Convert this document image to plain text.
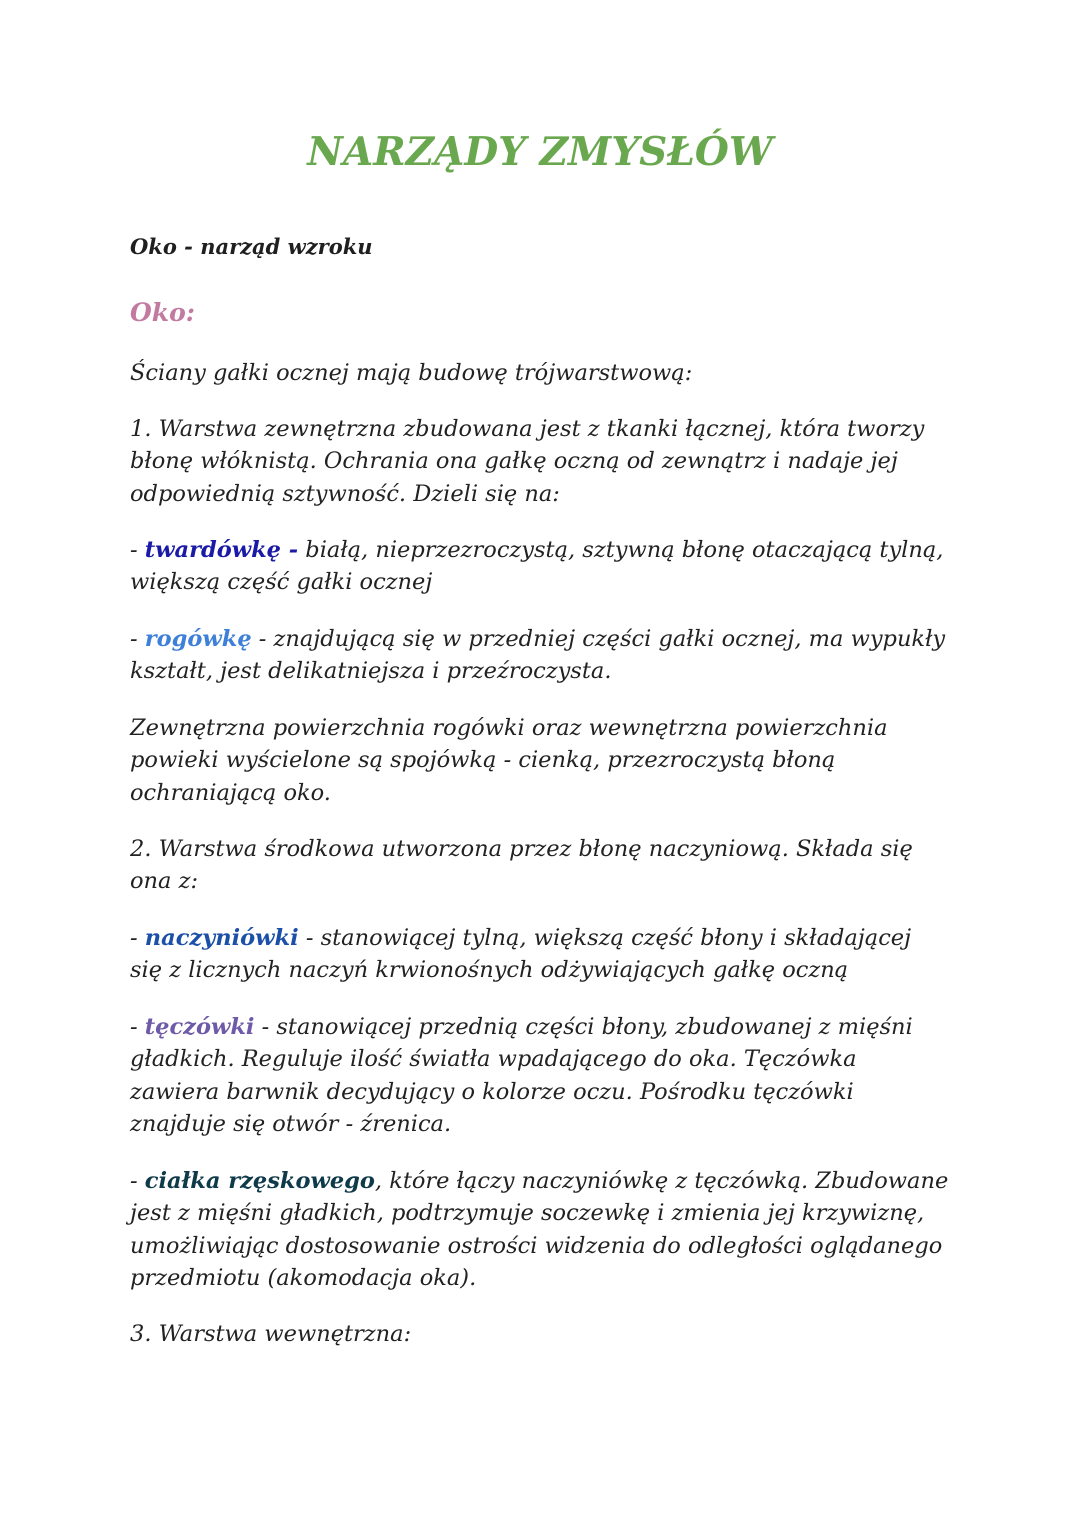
NARZĄDY ZMYSŁÓW

Oko - narząd wzroku

Oko:

Ściany gałki ocznej mają budowę trójwarstwową:

1. Warstwa zewnętrzna zbudowana jest z tkanki łącznej, która tworzy błonę włóknistą. Ochrania ona gałkę oczną od zewnątrz i nadaje jej odpowiednią sztywność. Dzieli się na:

- twardówkę - białą, nieprzezroczystą, sztywną błonę otaczającą tylną, większą część gałki ocznej

- rogówkę - znajdującą się w przedniej części gałki ocznej, ma wypukły kształt, jest delikatniejsza i przeźroczysta.

Zewnętrzna powierzchnia rogówki oraz wewnętrzna powierzchnia powieki wyścielone są spojówką - cienką, przezroczystą błoną ochraniającą oko.

2. Warstwa środkowa utworzona przez błonę naczyniową. Składa się ona z:

- naczyniówki - stanowiącej tylną, większą część błony i składającej się z licznych naczyń krwionośnych odżywiających gałkę oczną

- tęczówki - stanowiącej przednią części błony, zbudowanej z mięśni gładkich. Reguluje ilość światła wpadającego do oka. Tęczówka zawiera barwnik decydujący o kolorze oczu. Pośrodku tęczówki znajduje się otwór - źrenica.

- ciałka rzęskowego, które łączy naczyniówkę z tęczówką. Zbudowane jest z mięśni gładkich, podtrzymuje soczewkę i zmienia jej krzywiznę, umożliwiając dostosowanie ostrości widzenia do odległości oglądanego przedmiotu (akomodacja oka).

3. Warstwa wewnętrzna:
